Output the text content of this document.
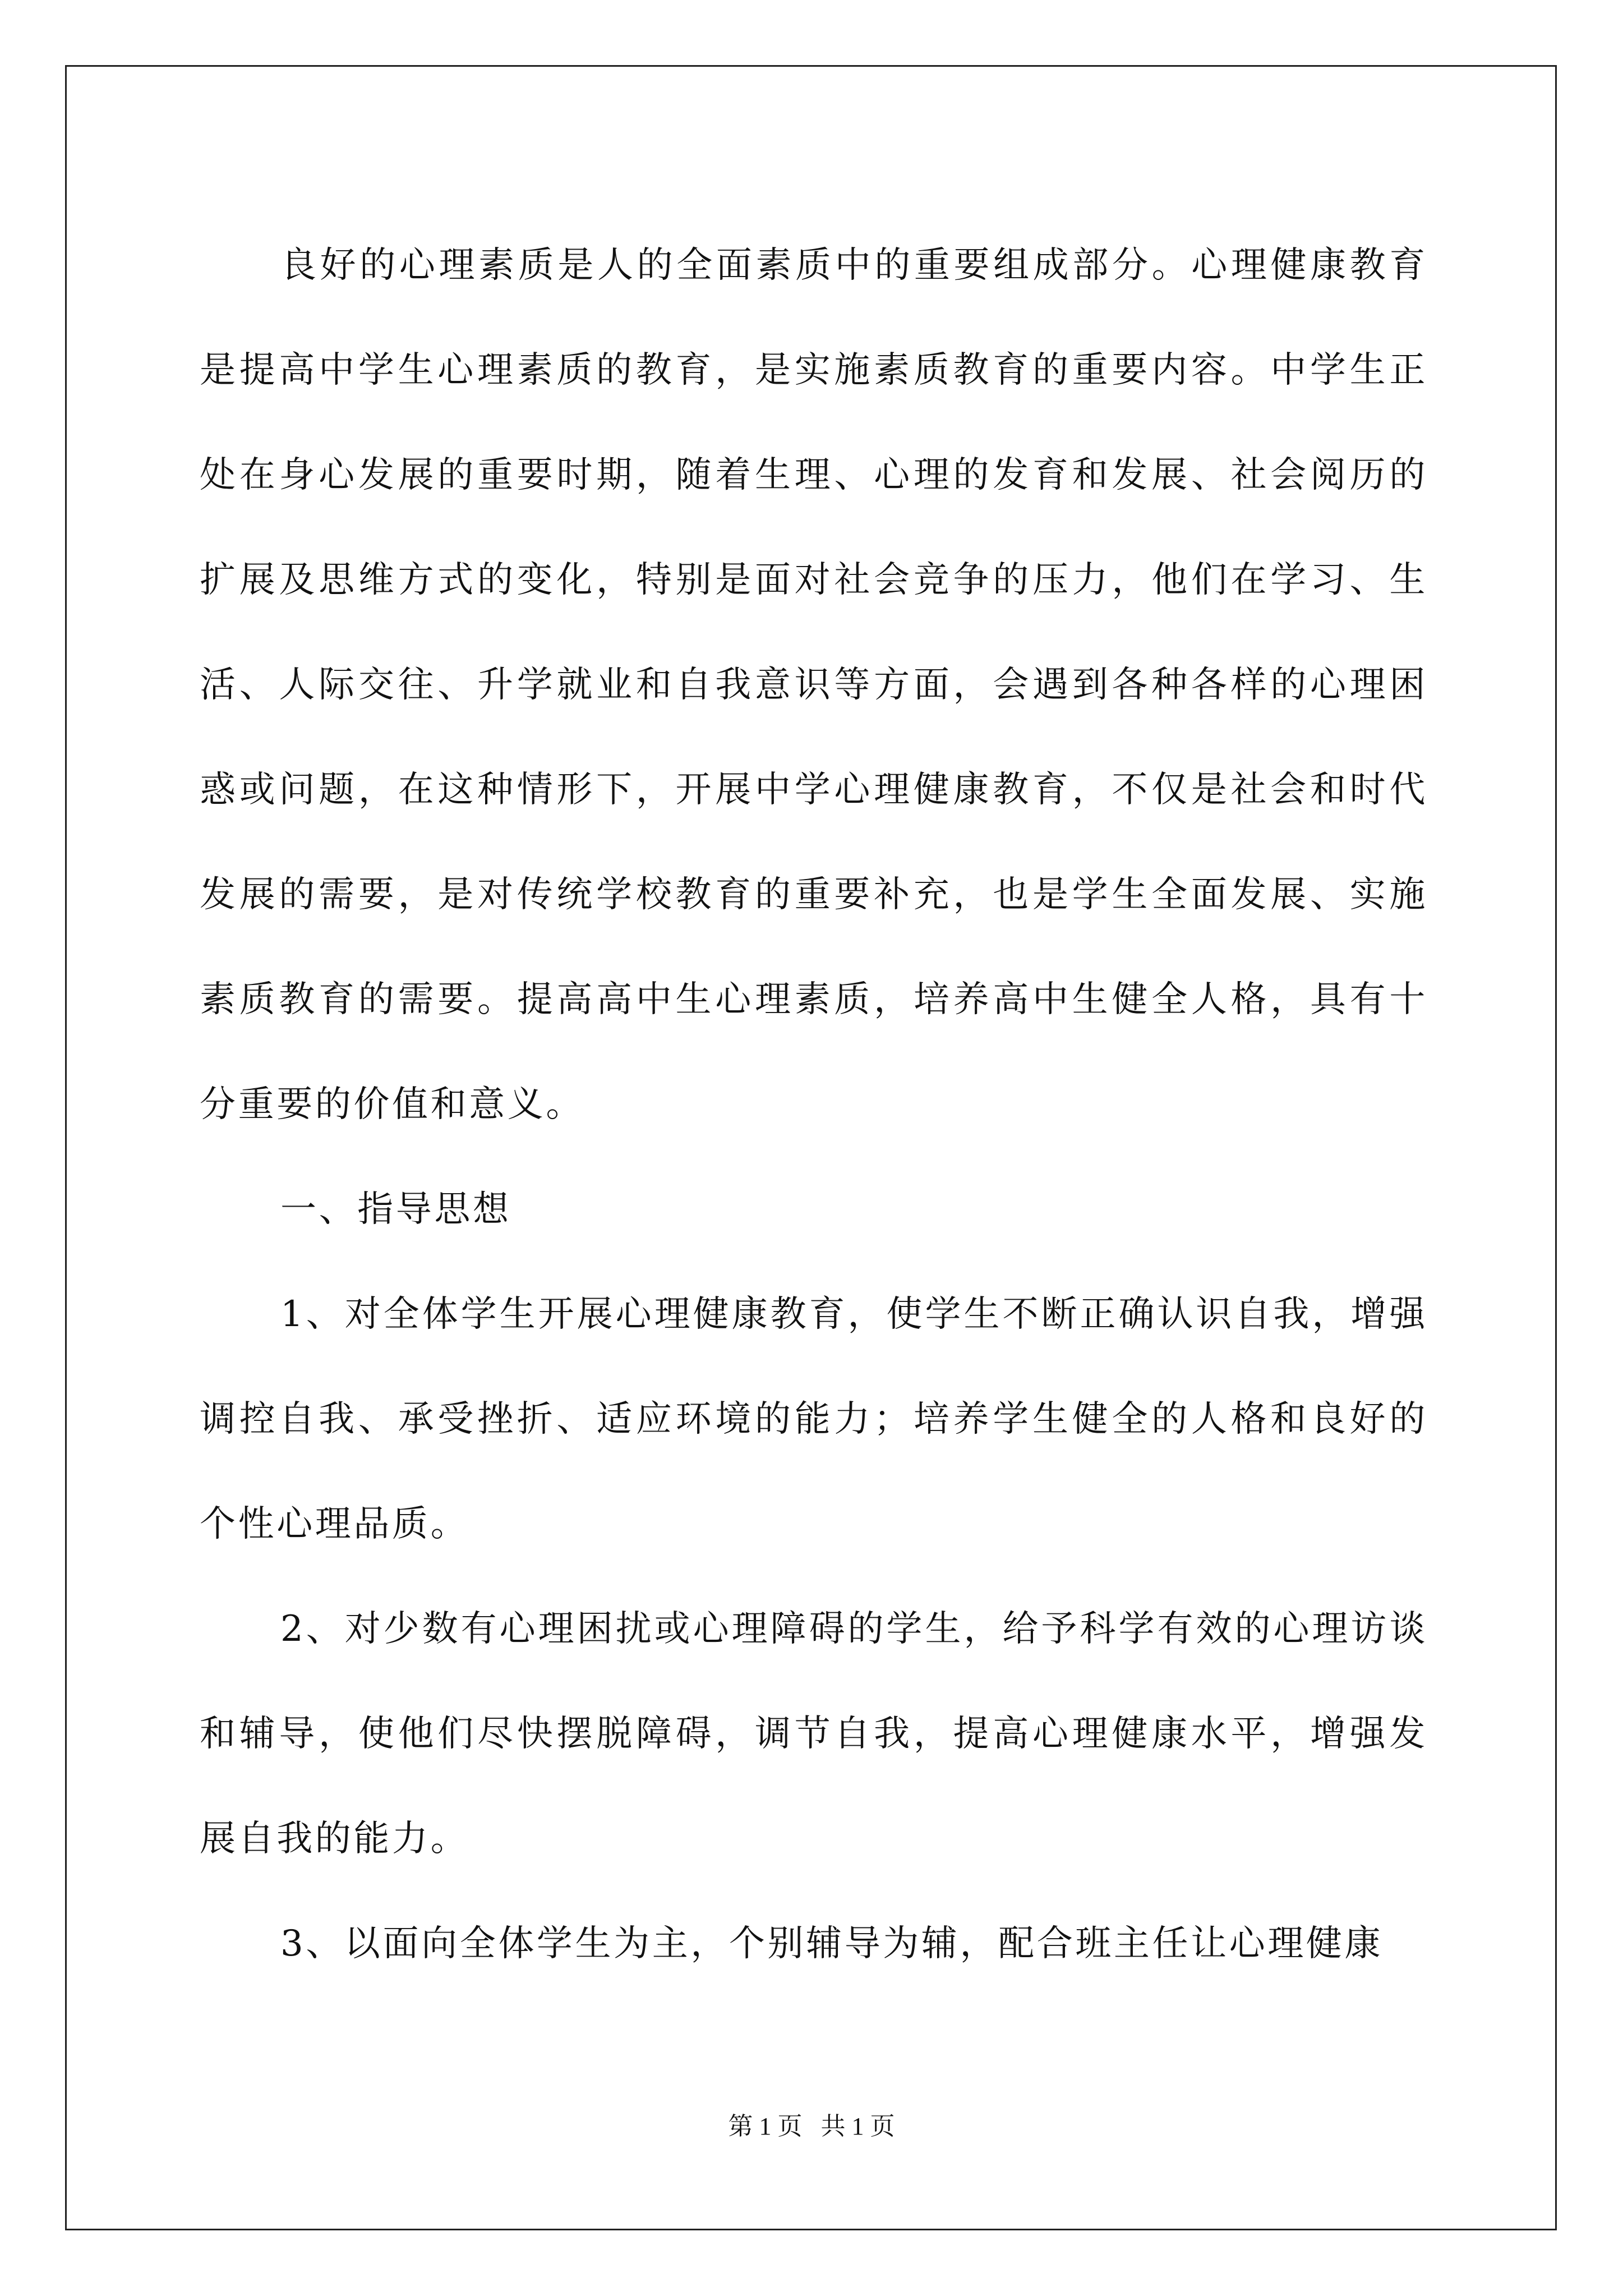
良好的心理素质是人的全面素质中的重要组成部分。心理健康教育是提高中学生心理素质的教育，是实施素质教育的重要内容。中学生正处在身心发展的重要时期，随着生理、心理的发育和发展、社会阅历的扩展及思维方式的变化，特别是面对社会竞争的压力，他们在学习、生活、人际交往、升学就业和自我意识等方面，会遇到各种各样的心理困惑或问题，在这种情形下，开展中学心理健康教育，不仅是社会和时代发展的需要，是对传统学校教育的重要补充，也是学生全面发展、实施素质教育的需要。提高高中生心理素质，培养高中生健全人格，具有十分重要的价值和意义。

一、指导思想

1、对全体学生开展心理健康教育，使学生不断正确认识自我，增强调控自我、承受挫折、适应环境的能力；培养学生健全的人格和良好的个性心理品质。

2、对少数有心理困扰或心理障碍的学生，给予科学有效的心理访谈和辅导，使他们尽快摆脱障碍，调节自我，提高心理健康水平，增强发展自我的能力。

3、以面向全体学生为主，个别辅导为辅，配合班主任让心理健康

第 1 页   共 1 页
